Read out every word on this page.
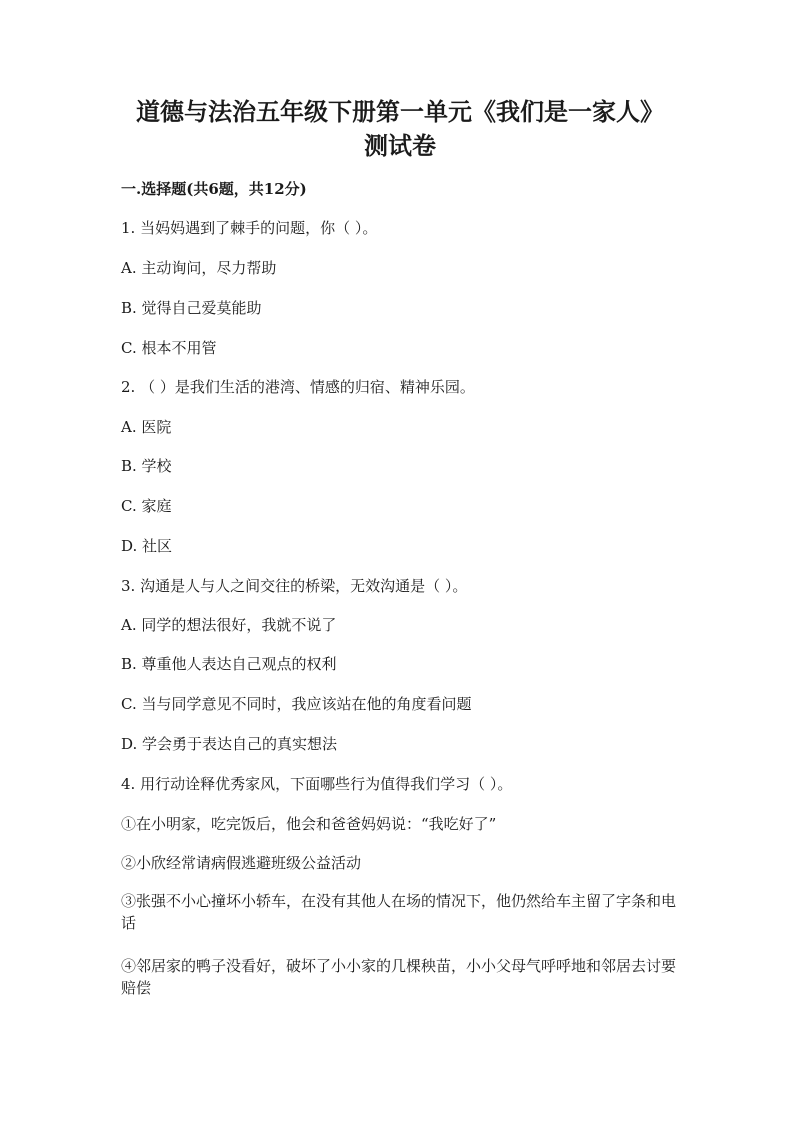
道德与法治五年级下册第一单元《我们是一家人》
测试卷
一.选择题(共6题，共12分)
1. 当妈妈遇到了棘手的问题，你（ ）。
A. 主动询问，尽力帮助
B. 觉得自己爱莫能助
C. 根本不用管
2. （ ）是我们生活的港湾、情感的归宿、精神乐园。
A. 医院
B. 学校
C. 家庭
D. 社区
3. 沟通是人与人之间交往的桥梁，无效沟通是（ ）。
A. 同学的想法很好，我就不说了
B. 尊重他人表达自己观点的权利
C. 当与同学意见不同时，我应该站在他的角度看问题
D. 学会勇于表达自己的真实想法
4. 用行动诠释优秀家风，下面哪些行为值得我们学习（ ）。
①在小明家，吃完饭后，他会和爸爸妈妈说：“我吃好了”
②小欣经常请病假逃避班级公益活动
③张强不小心撞坏小轿车，在没有其他人在场的情况下，他仍然给车主留了字条和电话
④邻居家的鸭子没看好，破坏了小小家的几棵秧苗，小小父母气呼呼地和邻居去讨要赔偿
